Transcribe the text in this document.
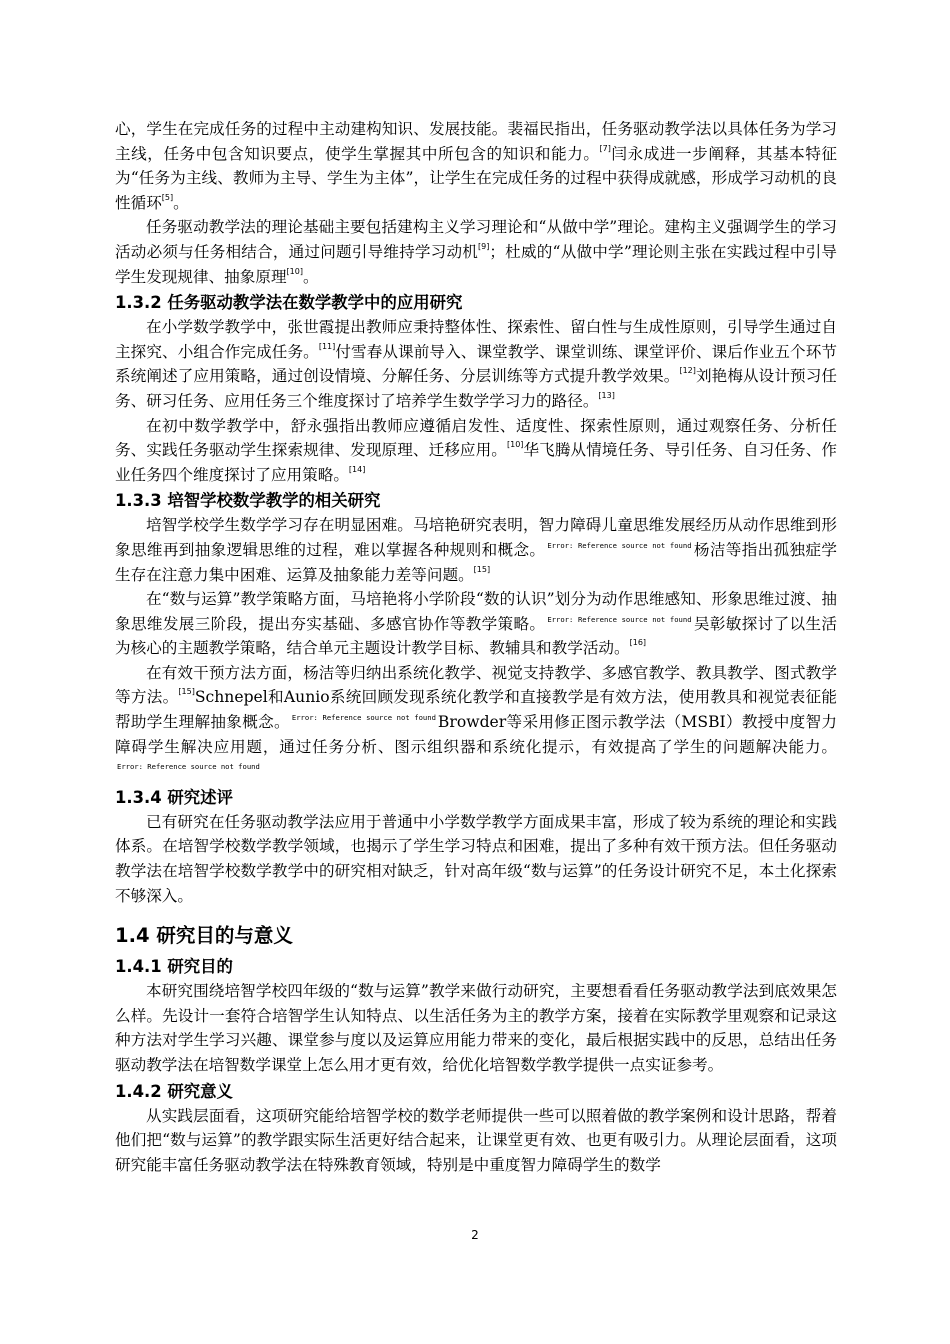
心，学生在完成任务的过程中主动建构知识、发展技能。裴福民指出，任务驱动教学法以具体任务为学习主线，任务中包含知识要点，使学生掌握其中所包含的知识和能力。[7]闫永成进一步阐释，其基本特征为“任务为主线、教师为主导、学生为主体”，让学生在完成任务的过程中获得成就感，形成学习动机的良性循环[5]。

任务驱动教学法的理论基础主要包括建构主义学习理论和“从做中学”理论。建构主义强调学生的学习活动必须与任务相结合，通过问题引导维持学习动机[9]；杜威的“从做中学”理论则主张在实践过程中引导学生发现规律、抽象原理[10]。

1.3.2 任务驱动教学法在数学教学中的应用研究

在小学数学教学中，张世霞提出教师应秉持整体性、探索性、留白性与生成性原则，引导学生通过自主探究、小组合作完成任务。[11]付雪春从课前导入、课堂教学、课堂训练、课堂评价、课后作业五个环节系统阐述了应用策略，通过创设情境、分解任务、分层训练等方式提升教学效果。[12]刘艳梅从设计预习任务、研习任务、应用任务三个维度探讨了培养学生数学学习力的路径。[13]

在初中数学教学中，舒永强指出教师应遵循启发性、适度性、探索性原则，通过观察任务、分析任务、实践任务驱动学生探索规律、发现原理、迁移应用。[10]华飞腾从情境任务、导引任务、自习任务、作业任务四个维度探讨了应用策略。[14]

1.3.3 培智学校数学教学的相关研究

培智学校学生数学学习存在明显困难。马培艳研究表明，智力障碍儿童思维发展经历从动作思维到形象思维再到抽象逻辑思维的过程，难以掌握各种规则和概念。 $^{Error: Reference source not found}$ 杨洁等指出孤独症学生存在注意力集中困难、运算及抽象能力差等问题。[15]

在“数与运算”教学策略方面，马培艳将小学阶段“数的认识”划分为动作思维感知、形象思维过渡、抽象思维发展三阶段，提出夯实基础、多感官协作等教学策略。 $^{Error: Reference source not found}$ 吴彰敏探讨了以生活为核心的主题教学策略，结合单元主题设计教学目标、教辅具和教学活动。[16]

在有效干预方法方面，杨洁等归纳出系统化教学、视觉支持教学、多感官教学、教具教学、图式教学等方法。[15]Schnepel和Aunio系统回顾发现系统化教学和直接教学是有效方法，使用教具和视觉表征能帮助学生理解抽象概念。 $^{Error: Reference source not found}$ Browder等采用修正图示教学法（MSBI）教授中度智力障碍学生解决应用题，通过任务分析、图示组织器和系统化提示，有效提高了学生的问题解决能力。$^{Error: Reference source not found}$

1.3.4 研究述评

已有研究在任务驱动教学法应用于普通中小学数学教学方面成果丰富，形成了较为系统的理论和实践体系。在培智学校数学教学领域，也揭示了学生学习特点和困难，提出了多种有效干预方法。但任务驱动教学法在培智学校数学教学中的研究相对缺乏，针对高年级“数与运算”的任务设计研究不足，本土化探索不够深入。

1.4 研究目的与意义
1.4.1 研究目的

本研究围绕培智学校四年级的“数与运算”教学来做行动研究，主要想看看任务驱动教学法到底效果怎么样。先设计一套符合培智学生认知特点、以生活任务为主的教学方案，接着在实际教学里观察和记录这种方法对学生学习兴趣、课堂参与度以及运算应用能力带来的变化，最后根据实践中的反思，总结出任务驱动教学法在培智数学课堂上怎么用才更有效，给优化培智数学教学提供一点实证参考。

1.4.2 研究意义

从实践层面看，这项研究能给培智学校的数学老师提供一些可以照着做的教学案例和设计思路，帮着他们把“数与运算”的教学跟实际生活更好结合起来，让课堂更有效、也更有吸引力。从理论层面看，这项研究能丰富任务驱动教学法在特殊教育领域，特别是中重度智力障碍学生的数学

2
